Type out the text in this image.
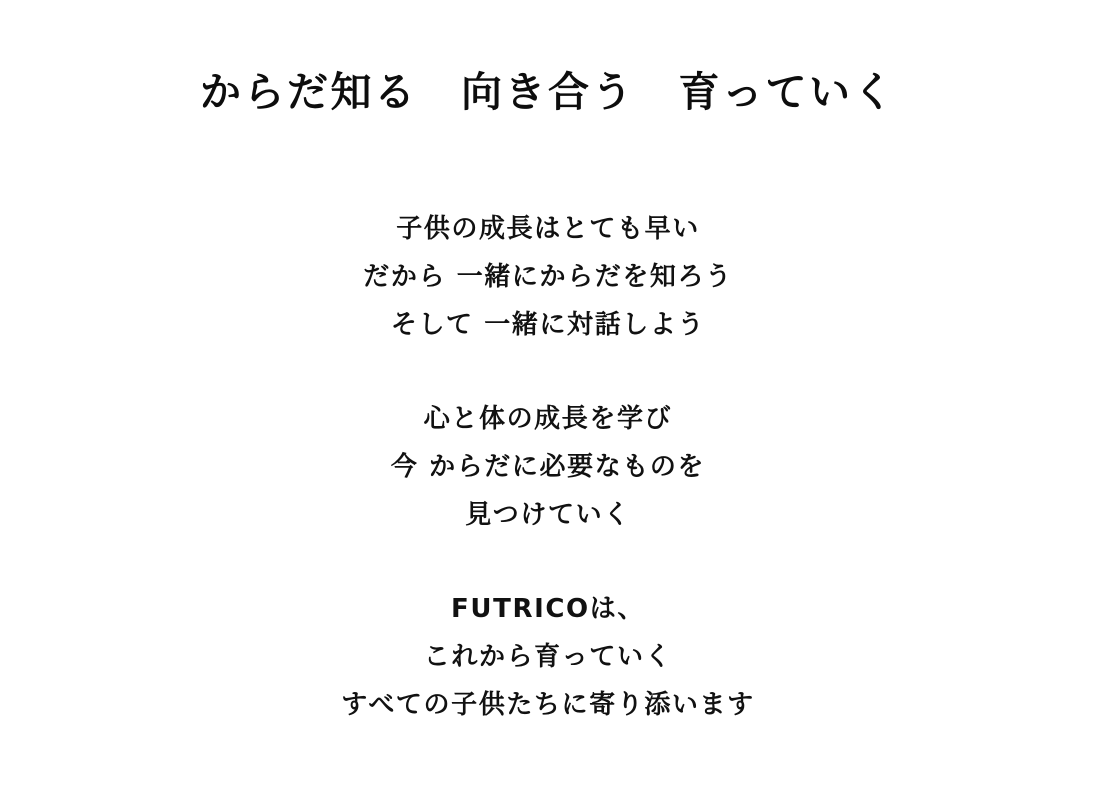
からだ知る　向き合う　育っていく
子供の成長はとても早い
だから 一緒にからだを知ろう
そして 一緒に対話しよう
心と体の成長を学び
今 からだに必要なものを
見つけていく
FUTRICOは、
これから育っていく
すべての子供たちに寄り添います
